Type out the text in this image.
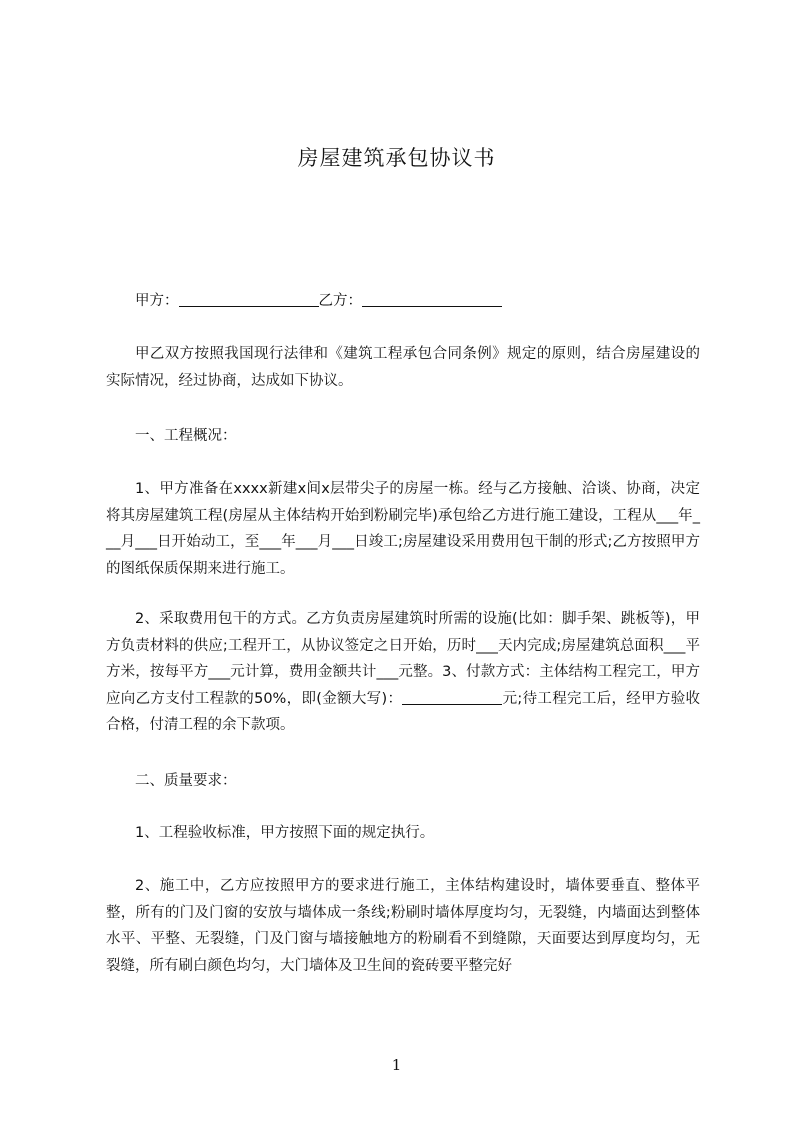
房屋建筑承包协议书

甲方：	乙方：

甲乙双方按照我国现行法律和《建筑工程承包合同条例》规定的原则，结合房屋建设的实际情况，经过协商，达成如下协议。

一、工程概况：

1、甲方准备在xxxx新建x间x层带尖子的房屋一栋。经与乙方接触、洽谈、协商，决定将其房屋建筑工程(房屋从主体结构开始到粉刷完毕)承包给乙方进行施工建设，工程从___年___月___日开始动工，至___年___月___日竣工;房屋建设采用费用包干制的形式;乙方按照甲方的图纸保质保期来进行施工。

2、采取费用包干的方式。乙方负责房屋建筑时所需的设施(比如：脚手架、跳板等)，甲方负责材料的供应;工程开工，从协议签定之日开始，历时___天内完成;房屋建筑总面积___平方米，按每平方___元计算，费用金额共计___元整。3、付款方式：主体结构工程完工，甲方应向乙方支付工程款的50%，即(金额大写)：	元;待工程完工后，经甲方验收合格，付清工程的余下款项。

二、质量要求：

1、工程验收标准，甲方按照下面的规定执行。

2、施工中，乙方应按照甲方的要求进行施工，主体结构建设时，墙体要垂直、整体平整，所有的门及门窗的安放与墙体成一条线;粉刷时墙体厚度均匀，无裂缝，内墙面达到整体水平、平整、无裂缝，门及门窗与墙接触地方的粉刷看不到缝隙，天面要达到厚度均匀，无裂缝，所有刷白颜色均匀，大门墙体及卫生间的瓷砖要平整完好

1
